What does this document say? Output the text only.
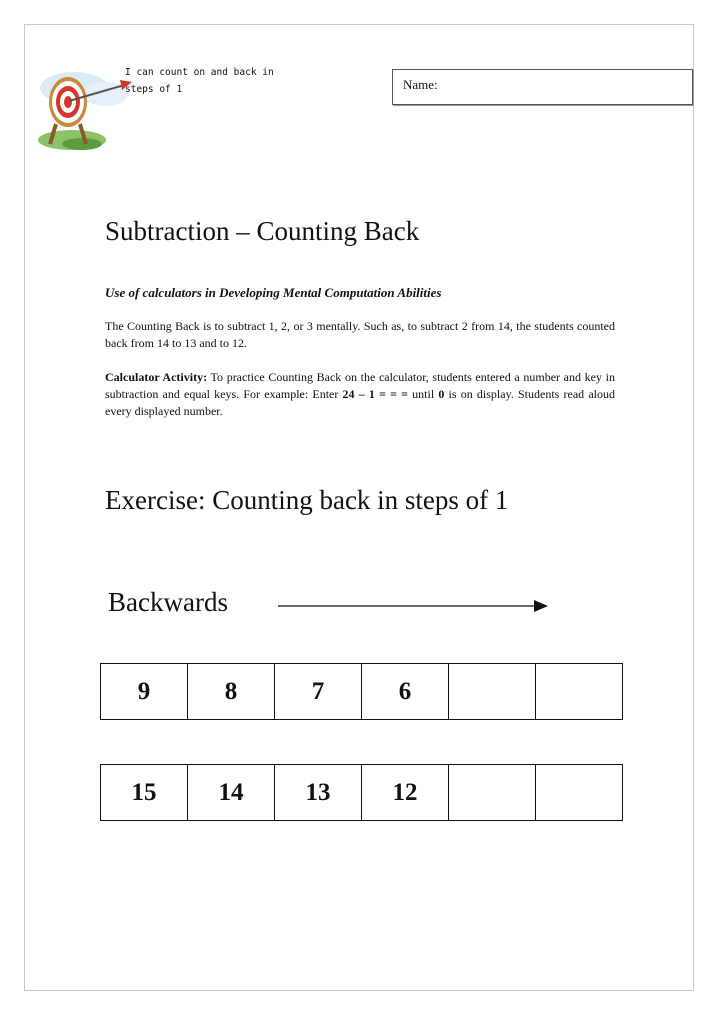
I can count on and back in steps of 1	Name:
Subtraction – Counting Back
Use of calculators in Developing Mental Computation Abilities

The Counting Back is to subtract 1, 2, or 3 mentally. Such as, to subtract 2 from 14, the students counted back from 14 to 13 and to 12.

Calculator Activity: To practice Counting Back on the calculator, students entered a number and key in subtraction and equal keys. For example: Enter 24 – 1 = = = until 0 is on display. Students read aloud every displayed number.

Exercise: Counting back in steps of 1
Backwards
9	8	7	6		
15	14	13	12		
